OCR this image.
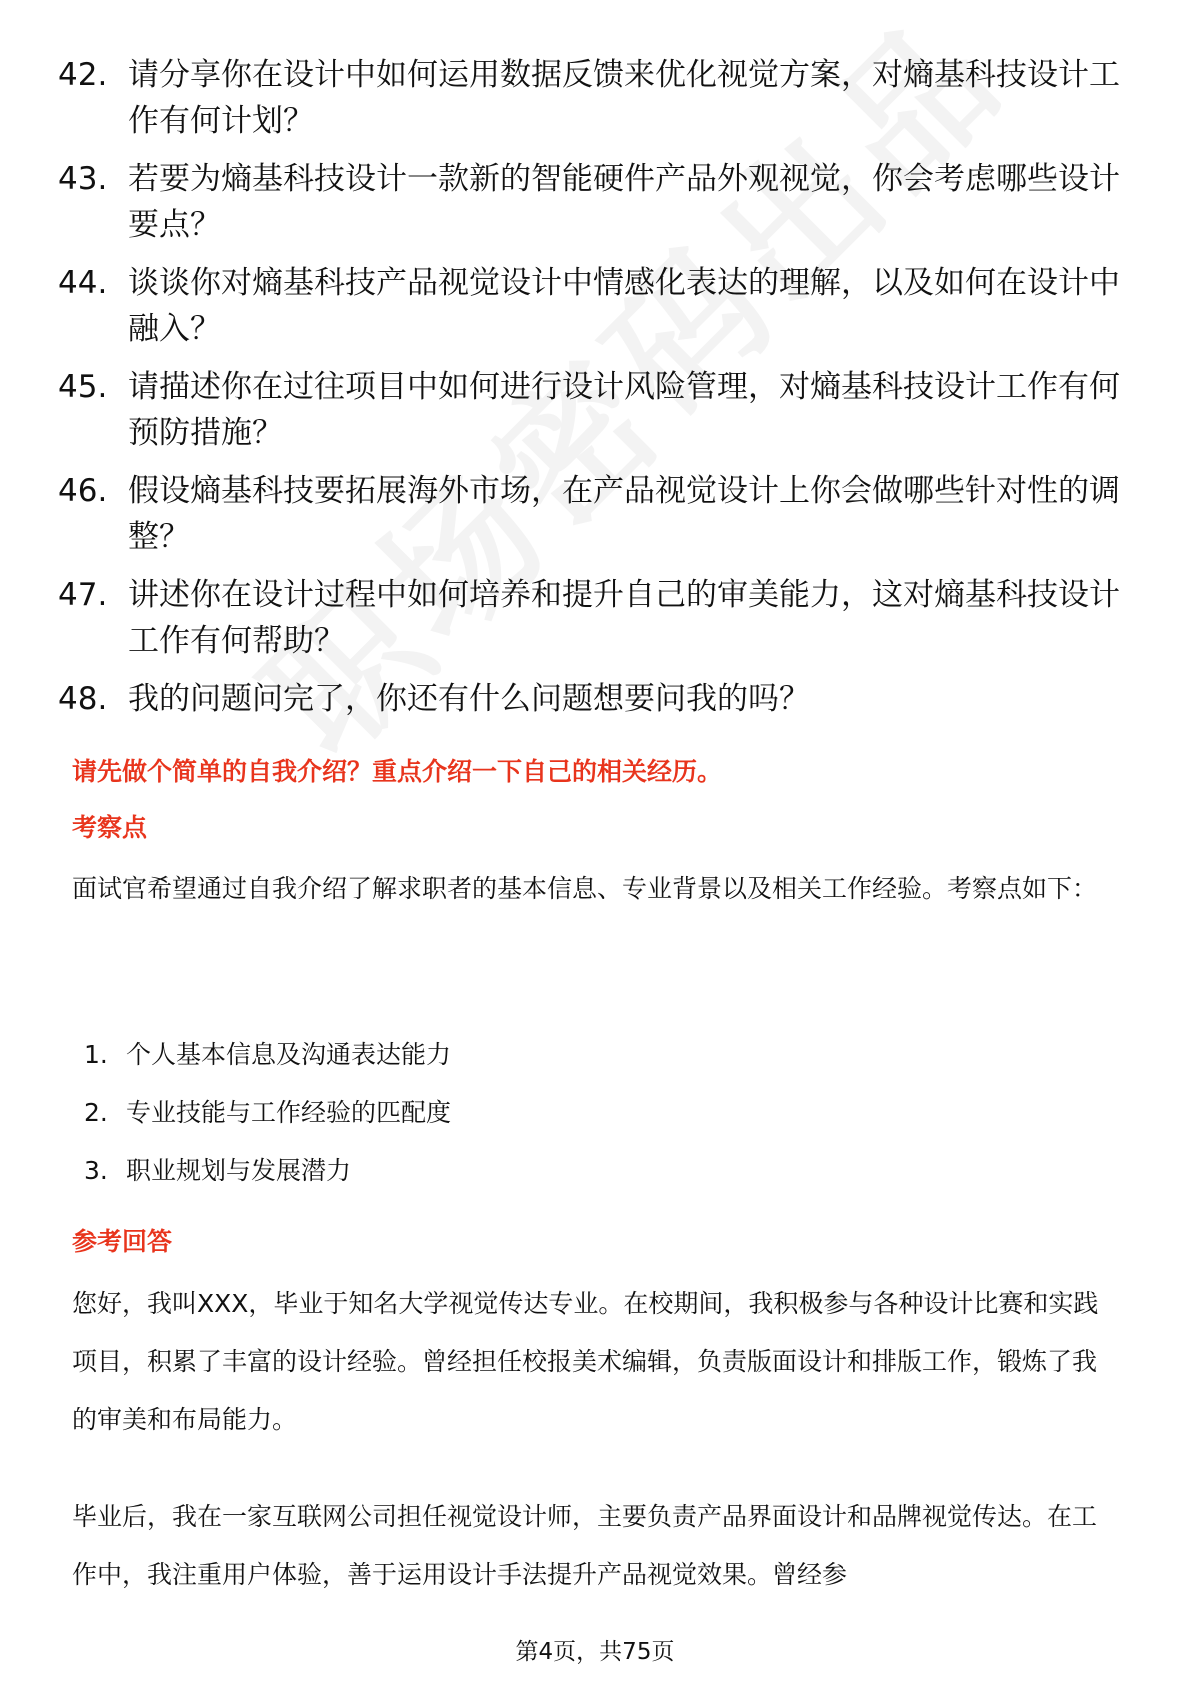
42. 请分享你在设计中如何运用数据反馈来优化视觉方案，对熵基科技设计工作有何计划？
43. 若要为熵基科技设计一款新的智能硬件产品外观视觉，你会考虑哪些设计要点？
44. 谈谈你对熵基科技产品视觉设计中情感化表达的理解，以及如何在设计中融入？
45. 请描述你在过往项目中如何进行设计风险管理，对熵基科技设计工作有何预防措施？
46. 假设熵基科技要拓展海外市场，在产品视觉设计上你会做哪些针对性的调整？
47. 讲述你在设计过程中如何培养和提升自己的审美能力，这对熵基科技设计工作有何帮助？
48. 我的问题问完了，你还有什么问题想要问我的吗？
请先做个简单的自我介绍？重点介绍一下自己的相关经历。
考察点
面试官希望通过自我介绍了解求职者的基本信息、专业背景以及相关工作经验。考察点如下：
1. 个人基本信息及沟通表达能力
2. 专业技能与工作经验的匹配度
3. 职业规划与发展潜力
参考回答
您好，我叫XXX，毕业于知名大学视觉传达专业。在校期间，我积极参与各种设计比赛和实践项目，积累了丰富的设计经验。曾经担任校报美术编辑，负责版面设计和排版工作，锻炼了我的审美和布局能力。
毕业后，我在一家互联网公司担任视觉设计师，主要负责产品界面设计和品牌视觉传达。在工作中，我注重用户体验，善于运用设计手法提升产品视觉效果。曾经参
第4页，共75页
